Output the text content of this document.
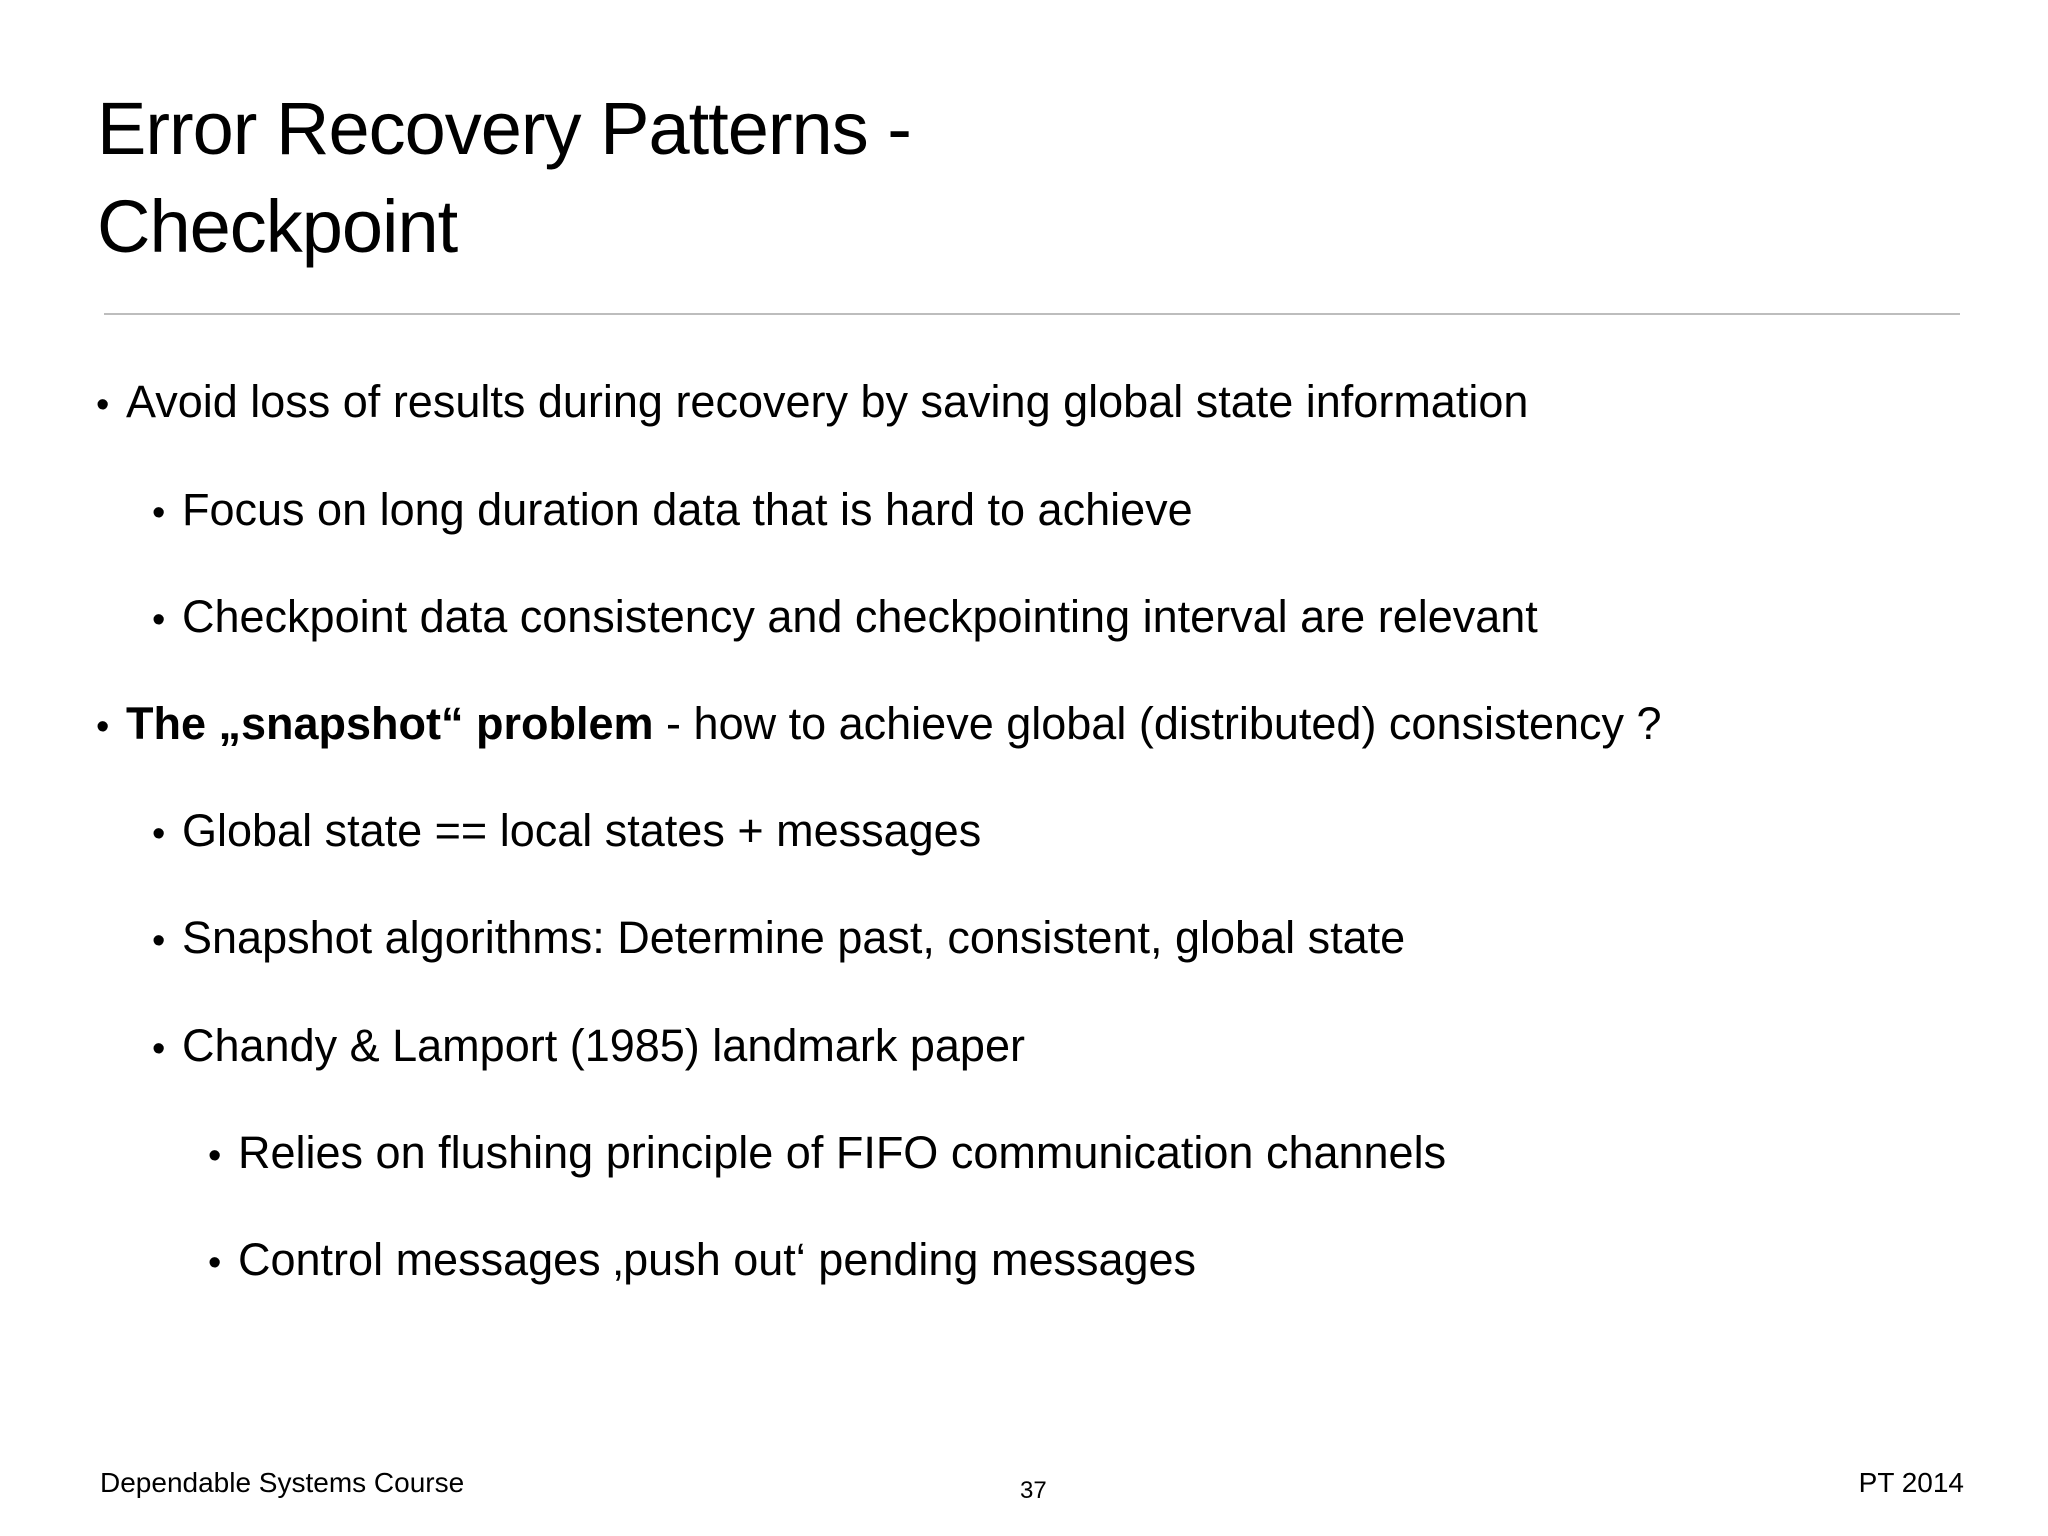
Error Recovery Patterns -
Checkpoint
• Avoid loss of results during recovery by saving global state information
• Focus on long duration data that is hard to achieve
• Checkpoint data consistency and checkpointing interval are relevant
• The „snapshot“ problem - how to achieve global (distributed) consistency ?
• Global state == local states + messages
• Snapshot algorithms: Determine past, consistent, global state
• Chandy & Lamport (1985) landmark paper
• Relies on flushing principle of FIFO communication channels
• Control messages ‚push out‘ pending messages
Dependable Systems Course	37	PT 2014
